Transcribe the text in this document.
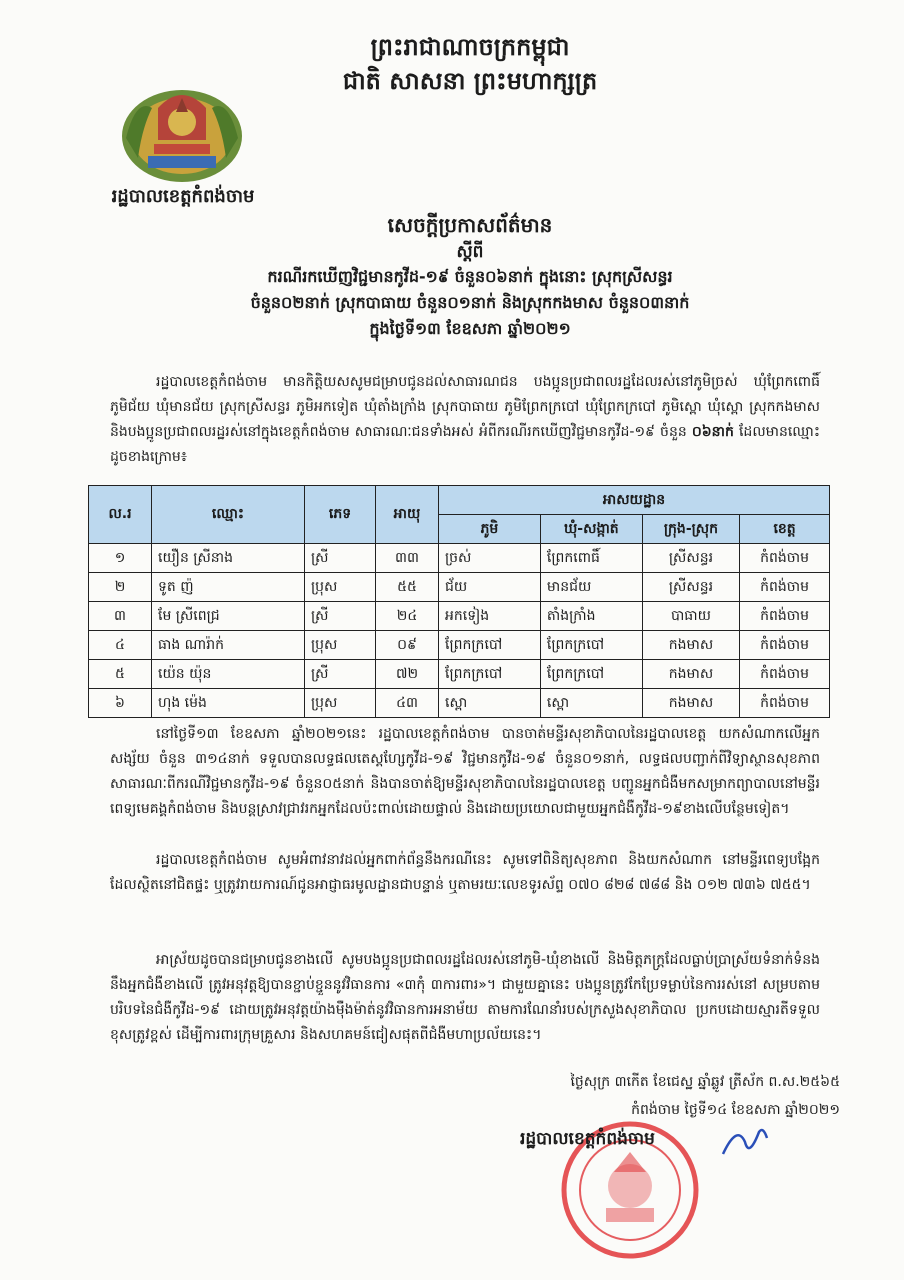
ព្រះរាជាណាចក្រកម្ពុជា
ជាតិ សាសនា ព្រះមហាក្សត្រ
រដ្ឋបាលខេត្តកំពង់ចាម
សេចក្តីប្រកាសព័ត៌មាន
ស្តីពី
ករណីរកឃើញវិជ្ជមានកូវីដ-១៩ ចំនួន០៦នាក់ ក្នុងនោះ ស្រុកស្រីសន្ធរ
ចំនួន០២នាក់ ស្រុកបាធាយ ចំនួន០១នាក់ និងស្រុកកងមាស ចំនួន០៣នាក់
ក្នុងថ្ងៃទី១៣ ខែឧសភា ឆ្នាំ២០២១

រដ្ឋបាលខេត្តកំពង់ចាម មានកិត្តិយសសូមជម្រាបជូនដល់សាធារណជន បងប្អូនប្រជាពលរដ្ឋដែលរស់នៅភូមិច្រស់ ឃុំព្រែកពោធិ៍ ភូមិជ័យ ឃុំមានជ័យ ស្រុកស្រីសន្ធរ ភូមិអកទៀត ឃុំតាំងក្រាំង ស្រុកបាធាយ ភូមិព្រែកក្របៅ ឃុំព្រែកក្របៅ ភូមិស្ពោ ឃុំស្ពោ ស្រុកកងមាស និងបងប្អូនប្រជាពលរដ្ឋរស់នៅក្នុងខេត្តកំពង់ចាម សាធារណៈជនទាំងអស់ អំពីករណីរកឃើញវិជ្ជមានកូវីដ-១៩ ចំនួន ០៦នាក់ ដែលមានឈ្មោះដូចខាងក្រោម៖

ល.រ	ឈ្មោះ	ភេទ	អាយុ	អាសយដ្ឋាន			
				ភូមិ	ឃុំ-សង្កាត់	ក្រុង-ស្រុក	ខេត្ត
១	យឿន ស្រីនាង	ស្រី	៣៣	ច្រស់	ព្រែកពោធិ៍	ស្រីសន្ធរ	កំពង់ចាម
២	ទូត ញ៉	ប្រុស	៥៥	ជ័យ	មានជ័យ	ស្រីសន្ធរ	កំពង់ចាម
៣	មែ ស្រីពេជ្រ	ស្រី	២៤	អកទៀង	តាំងក្រាំង	បាធាយ	កំពង់ចាម
៤	ធាង ណារ៉ាក់	ប្រុស	០៩	ព្រែកក្របៅ	ព្រែកក្របៅ	កងមាស	កំពង់ចាម
៥	យ៉េន យ៉ុន	ស្រី	៧២	ព្រែកក្របៅ	ព្រែកក្របៅ	កងមាស	កំពង់ចាម
៦	ហុង ម៉េង	ប្រុស	៤៣	ស្ពោ	ស្ពោ	កងមាស	កំពង់ចាម

នៅថ្ងៃទី១៣ ខែឧសភា ឆ្នាំ២០២១នេះ រដ្ឋបាលខេត្តកំពង់ចាម បានចាត់មន្ទីរសុខាភិបាលនៃរដ្ឋបាលខេត្ត យកសំណាកលើអ្នកសង្ស័យ ចំនួន ៣១៤នាក់ ទទួលបានលទ្ធផលតេស្តហ្សែកូវីដ-១៩ វិជ្ជមានកូវីដ-១៩ ចំនួន០១នាក់, លទ្ធផលបញ្ជាក់ពីវិទ្យាស្ថានសុខភាពសាធារណៈពីករណីវិជ្ជមានកូវីដ-១៩ ចំនួន០៥នាក់ និងបានចាត់ឱ្យមន្ទីរសុខាភិបាលនៃរដ្ឋបាលខេត្ត បញ្ជូនអ្នកជំងឺមកសម្រាកព្យាបាលនៅមន្ទីរពេទ្យមេគង្គកំពង់ចាម និងបន្តស្រាវជ្រាវរកអ្នកដែលប៉ះពាល់ដោយផ្ទាល់ និងដោយប្រយោលជាមួយអ្នកជំងឺកូវីដ-១៩ខាងលើបន្ថែមទៀត។

រដ្ឋបាលខេត្តកំពង់ចាម សូមអំពាវនាវដល់អ្នកពាក់ព័ន្ធនឹងករណីនេះ សូមទៅពិនិត្យសុខភាព និងយកសំណាក នៅមន្ទីរពេទ្យបង្អែកដែលស្ថិតនៅជិតផ្ទះ ឬត្រូវរាយការណ៍ជូនអាជ្ញាធរមូលដ្ឋានជាបន្ទាន់ ឬតាមរយៈលេខទូរស័ព្ទ ០៧០ ៨២៨ ៧៨៨ និង ០១២ ៧៣៦ ៧៥៥។

អាស្រ័យដូចបានជម្រាបជូនខាងលើ សូមបងប្អូនប្រជាពលរដ្ឋដែលរស់នៅភូមិ-ឃុំខាងលើ និងមិត្តភក្ត្រដែលធ្លាប់ប្រាស្រ័យទំនាក់ទំនងនឹងអ្នកជំងឺខាងលើ ត្រូវអនុវត្តឱ្យបានខ្ជាប់ខ្ជួននូវវិធានការ «៣កុំ ៣ការពារ»។ ជាមួយគ្នានេះ បងប្អូនត្រូវកែប្រែទម្លាប់នៃការរស់នៅ សម្របតាមបរិបទនៃជំងឺកូវីដ-១៩ ដោយត្រូវអនុវត្តយ៉ាងម៉ឺងម៉ាត់នូវវិធានការអនាម័យ តាមការណែនាំរបស់ក្រសួងសុខាភិបាល ប្រកបដោយស្មារតីទទួលខុសត្រូវខ្ពស់ ដើម្បីការពារក្រុមគ្រួសារ និងសហគមន៍ជៀសផុតពីជំងឺមហាប្រល័យនេះ។

ថ្ងៃសុក្រ ៣កើត ខែជេស្ឋ ឆ្នាំឆ្លូវ ត្រីស័ក ព.ស.២៥៦៥
កំពង់ចាម ថ្ងៃទី១៤ ខែឧសភា ឆ្នាំ២០២១
រដ្ឋបាលខេត្តកំពង់ចាម
